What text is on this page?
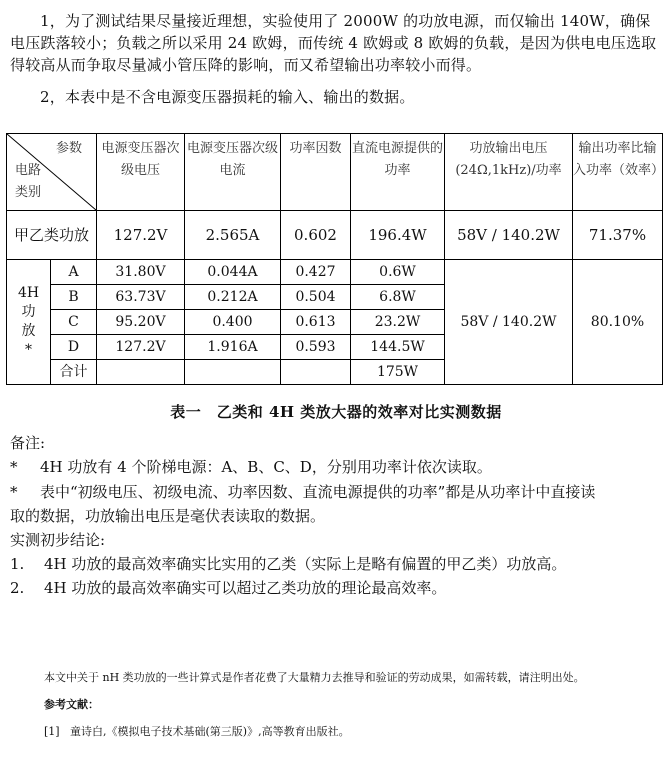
1，为了测试结果尽量接近理想，实验使用了 2000W 的功放电源，而仅输出 140W，确保电压跌落较小；负载之所以采用 24 欧姆，而传统 4 欧姆或 8 欧姆的负载，是因为供电电压选取得较高从而争取尽量减小管压降的影响，而又希望输出功率较小而得。
2，本表中是不含电源变压器损耗的输入、输出的数据。
参数
电路
类别		电源变压器次级电压	电源变压器次级电流	功率因数	直流电源提供的功率	功放输出电压(24Ω,1kHz)/功率	输出功率比输入功率（效率）
甲乙类功放		127.2V	2.565A	0.602	196.4W	58V / 140.2W	71.37%

4H
功
放
*	A	31.80V	0.044A	0.427	0.6W	58V / 140.2W	80.10%
	B	63.73V	0.212A	0.504	6.8W		
	C	95.20V	0.400	0.613	23.2W		
	D	127.2V	1.916A	0.593	144.5W		
	合计				175W		
表一　乙类和 4H 类放大器的效率对比实测数据
备注:
* 4H 功放有 4 个阶梯电源：A、B、C、D，分别用功率计依次读取。
* 表中“初级电压、初级电流、功率因数、直流电源提供的功率”都是从功率计中直接读
取的数据，功放输出电压是毫伏表读取的数据。
实测初步结论:
1. 4H 功放的最高效率确实比实用的乙类（实际上是略有偏置的甲乙类）功放高。
2. 4H 功放的最高效率确实可以超过乙类功放的理论最高效率。
本文中关于 nH 类功放的一些计算式是作者花费了大量精力去推导和验证的劳动成果，如需转载，请注明出处。
参考文献：
[1] 童诗白,《模拟电子技术基础(第三版)》,高等教育出版社。
